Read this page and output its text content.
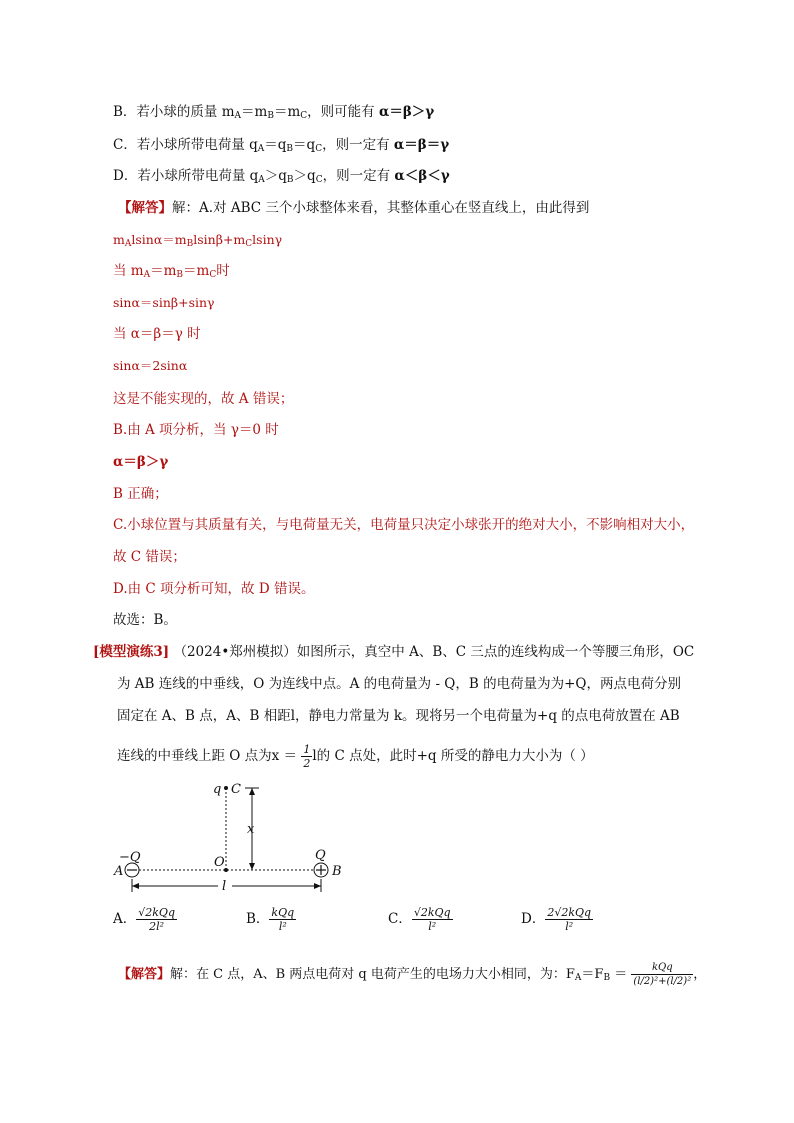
B．若小球的质量 $m_A=m_B=m_C$，则可能有 α＝β＞γ
C．若小球所带电荷量 $q_A=q_B=q_C$，则一定有 α＝β＝γ
D．若小球所带电荷量 $q_A>q_B>q_C$，则一定有 α＜β＜γ
【解答】解：A.对 ABC 三个小球整体来看，其整体重心在竖直线上，由此得到
$m_Alsin\alpha=m_Blsin\beta+m_Clsin\gamma$
当 $m_A=m_B=m_C$时
sinα＝sinβ+sinγ
当 α＝β＝γ 时
sinα＝2sinα
这是不能实现的，故 A 错误；
B.由 A 项分析，当 γ＝0 时
α＝β＞γ
B 正确；
C.小球位置与其质量有关，与电荷量无关，电荷量只决定小球张开的绝对大小，不影响相对大小，
故 C 错误；
D.由 C 项分析可知，故 D 错误。
故选：B。
[模型演练3] （2024•郑州模拟）如图所示，真空中 A、B、C 三点的连线构成一个等腰三角形，OC
为 AB 连线的中垂线，O 为连线中点。A 的电荷量为 - Q，B 的电荷量为为+Q，两点电荷分别
固定在 A、B 点，A、B 相距l，静电力常量为 k。现将另一个电荷量为+q 的点电荷放置在 AB
连线的中垂线上距 O 点为$x = \frac{1}{2}$ l的 C 点处，此时+q 所受的静电力大小为（ ）
q C
x
−Q
A
O	Q
B
l
A． $\frac{\text{√2kQq}}{\text{2l²}}$	B． $\frac{\text{kQq}}{\text{l²}}$	C． $\frac{\text{√2kQq}}{\text{l²}}$	D． $\frac{\text{2√2kQq}}{\text{l²}}$
【解答】解：在 C 点，A、B 两点电荷对 q 电荷产生的电场力大小相同，为：$F_A=F_B = \frac{\text{kQq}}{\text{(l/2)²+(l/2)²}}$ ，
